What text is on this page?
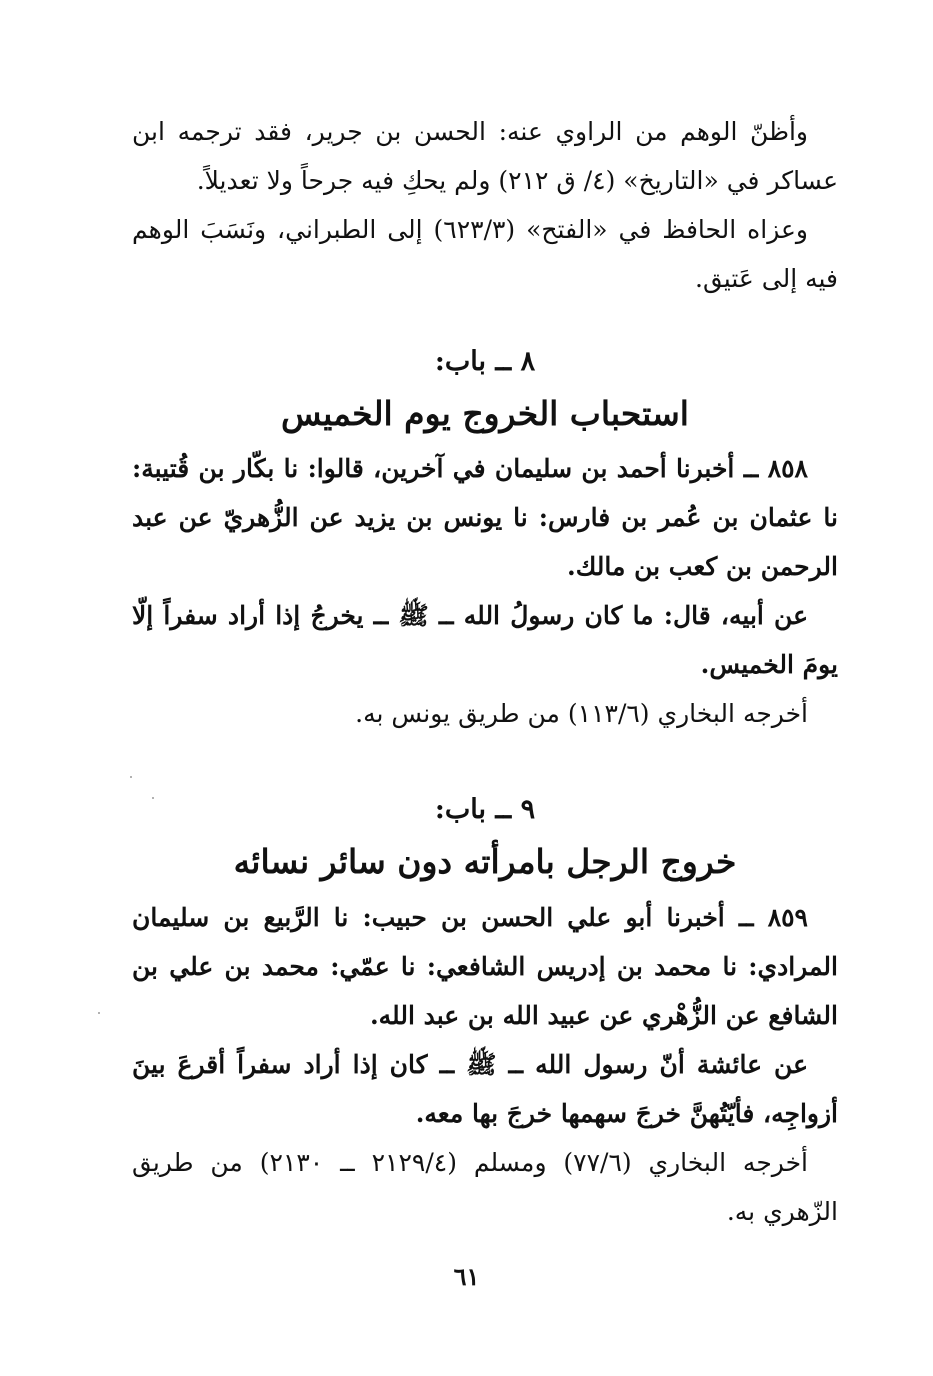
وأظنّ الوهم من الراوي عنه: الحسن بن جرير، فقد ترجمه ابن عساكر في «التاريخ» (٤/ ق ٢١٢) ولم يحكِ فيه جرحاً ولا تعديلاً.

وعزاه الحافظ في «الفتح» (٦٢٣/٣) إلى الطبراني، ونَسَبَ الوهم فيه إلى عَتيق.

٨ ــ باب:

استحباب الخروج يوم الخميس

٨٥٨ ــ أخبرنا أحمد بن سليمان في آخرين، قالوا: نا بكّار بن قُتيبة: نا عثمان بن عُمر بن فارس: نا يونس بن يزيد عن الزُّهريّ عن عبد الرحمن بن كعب بن مالك.

عن أبيه، قال: ما كان رسولُ الله ــ ﷺ ــ يخرجُ إذا أراد سفراً إلّا يومَ الخميس.

أخرجه البخاري (١١٣/٦) من طريق يونس به.

٩ ــ باب:

خروج الرجل بامرأته دون سائر نسائه

٨٥٩ ــ أخبرنا أبو علي الحسن بن حبيب: نا الرَّبيع بن سليمان المرادي: نا محمد بن إدريس الشافعي: نا عمّي: محمد بن علي بن الشافع عن الزُّهْري عن عبيد الله بن عبد الله.

عن عائشة أنّ رسول الله ــ ﷺ ــ كان إذا أراد سفراً أقرعَ بينَ أزواجِه، فأيّتُهنَّ خرجَ سهمها خرجَ بها معه.

أخرجه البخاري (٧٧/٦) ومسلم (٢١٢٩/٤ ــ ٢١٣٠) من طريق الزّهري به.

٦١
